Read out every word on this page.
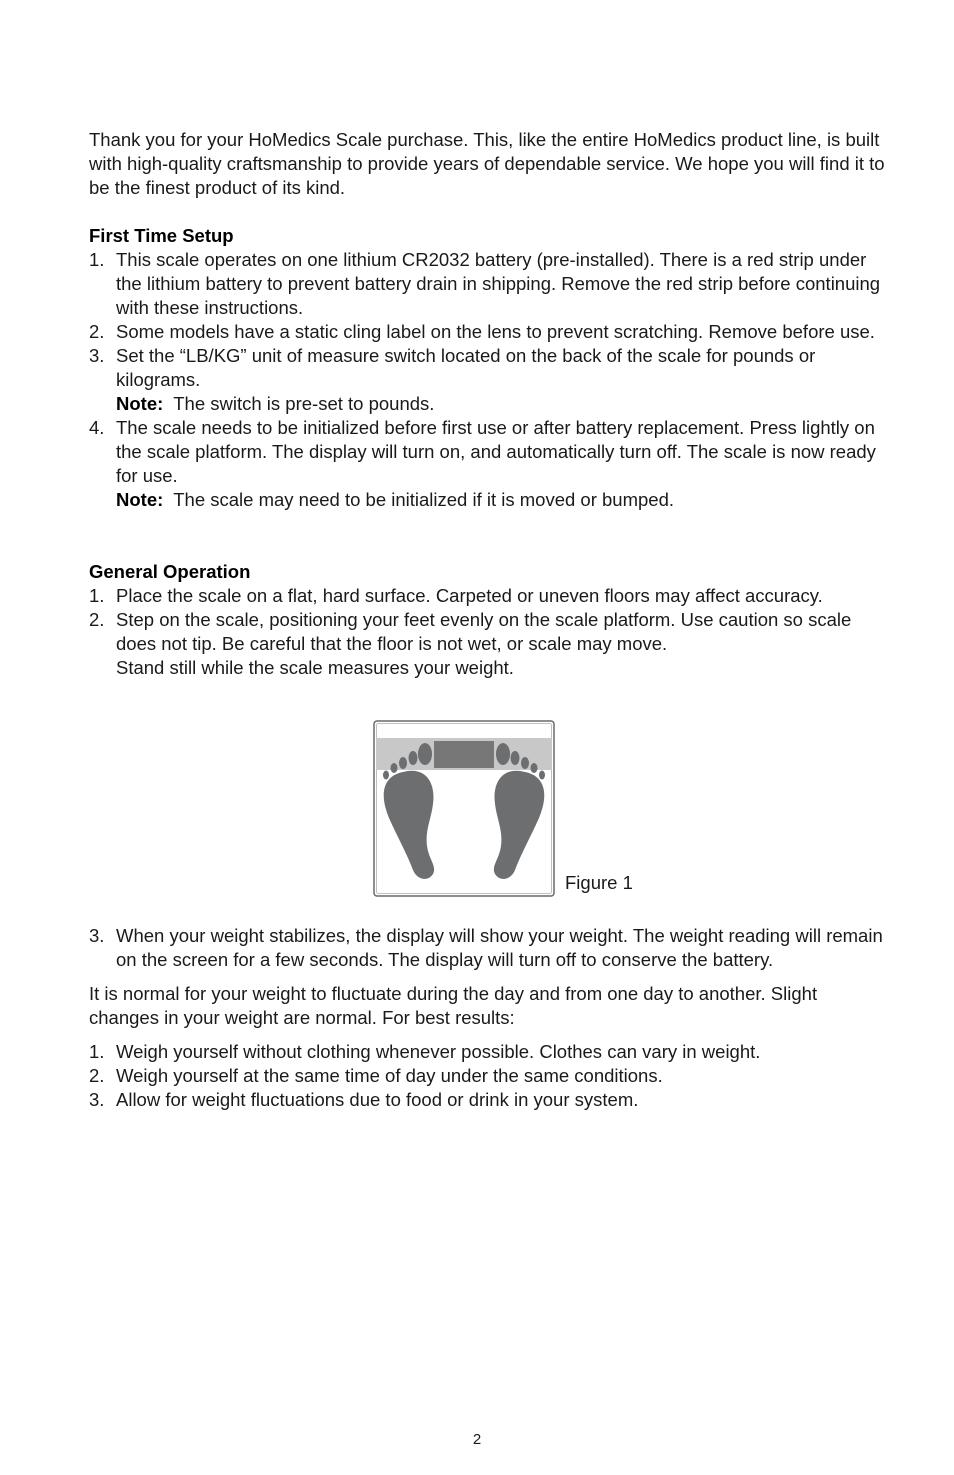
Thank you for your HoMedics Scale purchase. This, like the entire HoMedics product line, is built with high-quality craftsmanship to provide years of dependable service. We hope you will find it to be the finest product of its kind.

First Time Setup
1. This scale operates on one lithium CR2032 battery (pre-installed). There is a red strip under the lithium battery to prevent battery drain in shipping. Remove the red strip before continuing with these instructions.
2. Some models have a static cling label on the lens to prevent scratching. Remove before use.
3. Set the “LB/KG” unit of measure switch located on the back of the scale for pounds or kilograms.
Note: The switch is pre-set to pounds.
4. The scale needs to be initialized before first use or after battery replacement. Press lightly on the scale platform. The display will turn on, and automatically turn off. The scale is now ready for use.
Note: The scale may need to be initialized if it is moved or bumped.
General Operation
1. Place the scale on a flat, hard surface. Carpeted or uneven floors may affect accuracy.
2. Step on the scale, positioning your feet evenly on the scale platform. Use caution so scale does not tip. Be careful that the floor is not wet, or scale may move.
Stand still while the scale measures your weight.
Figure 1
3. When your weight stabilizes, the display will show your weight. The weight reading will remain on the screen for a few seconds. The display will turn off to conserve the battery.

It is normal for your weight to fluctuate during the day and from one day to another. Slight changes in your weight are normal. For best results:

1. Weigh yourself without clothing whenever possible. Clothes can vary in weight.
2. Weigh yourself at the same time of day under the same conditions.
3. Allow for weight fluctuations due to food or drink in your system.
2
